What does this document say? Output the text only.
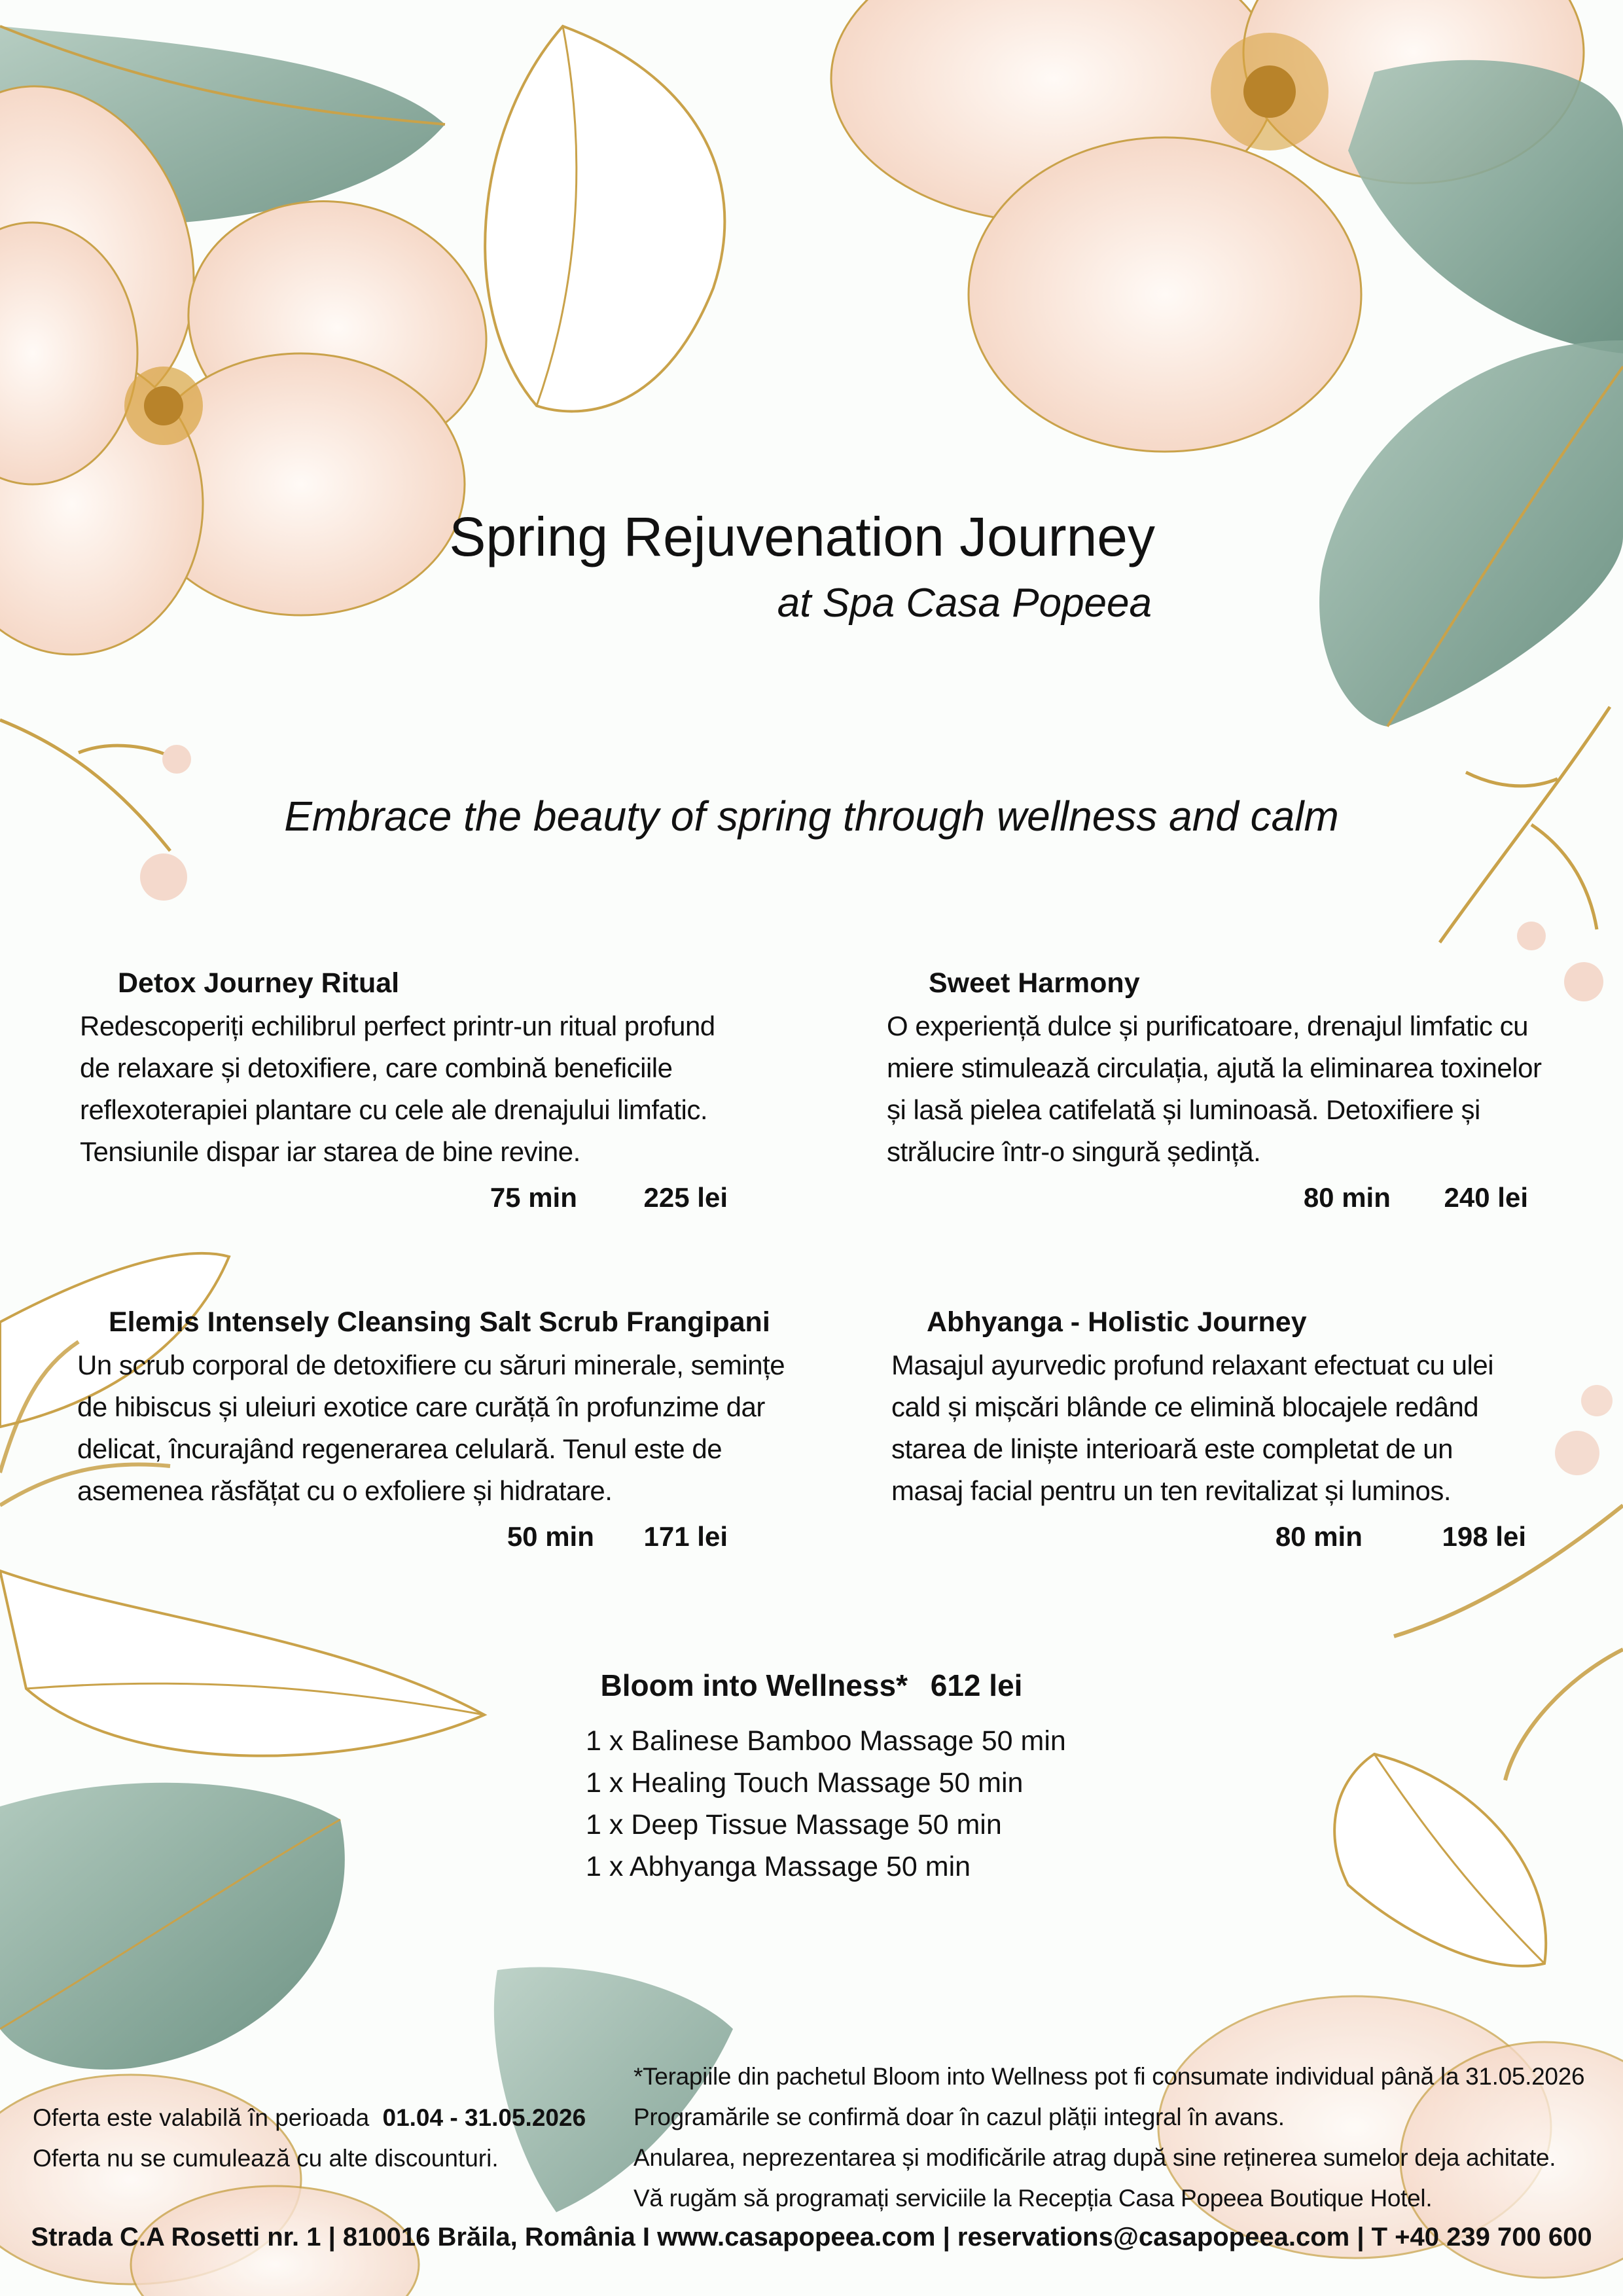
Spring Rejuvenation Journey
at Spa Casa Popeea
Embrace the beauty of spring through wellness and calm
Detox Journey Ritual
Redescoperiți echilibrul perfect printr-un ritual profund de relaxare și detoxifiere, care combină beneficiile reflexoterapiei plantare cu cele ale drenajului limfatic. Tensiunile dispar iar starea de bine revine.
75 min 225 lei
Sweet Harmony
O experiență dulce și purificatoare, drenajul limfatic cu miere stimulează circulația, ajută la eliminarea toxinelor și lasă pielea catifelată și luminoasă. Detoxifiere și strălucire într-o singură ședință.
80 min 240 lei
Elemis Intensely Cleansing Salt Scrub Frangipani
Un scrub corporal de detoxifiere cu săruri minerale, semințe de hibiscus și uleiuri exotice care curăță în profunzime dar delicat, încurajând regenerarea celulară. Tenul este de asemenea răsfățat cu o exfoliere și hidratare.
50 min 171 lei
Abhyanga - Holistic Journey
Masajul ayurvedic profund relaxant efectuat cu ulei cald și mișcări blânde ce elimină blocajele redând starea de liniște interioară este completat de un masaj facial pentru un ten revitalizat și luminos.
80 min	198 lei
Bloom into Wellness* 612 lei
1 x Balinese Bamboo Massage 50 min
1 x Healing Touch Massage 50 min
1 x Deep Tissue Massage 50 min
1 x Abhyanga Massage 50 min
Oferta este valabilă în perioada 01.04 - 31.05.2026
Oferta nu se cumulează cu alte discounturi.
*Terapiile din pachetul Bloom into Wellness pot fi consumate individual până la 31.05.2026
Programările se confirmă doar în cazul plății integral în avans.
Anularea, neprezentarea și modificările atrag după sine reținerea sumelor deja achitate.
Vă rugăm să programați serviciile la Recepția Casa Popeea Boutique Hotel.
Strada C.A Rosetti nr. 1 | 810016 Brăila, România I www.casapopeea.com | reservations@casapopeea.com | T +40 239 700 600
